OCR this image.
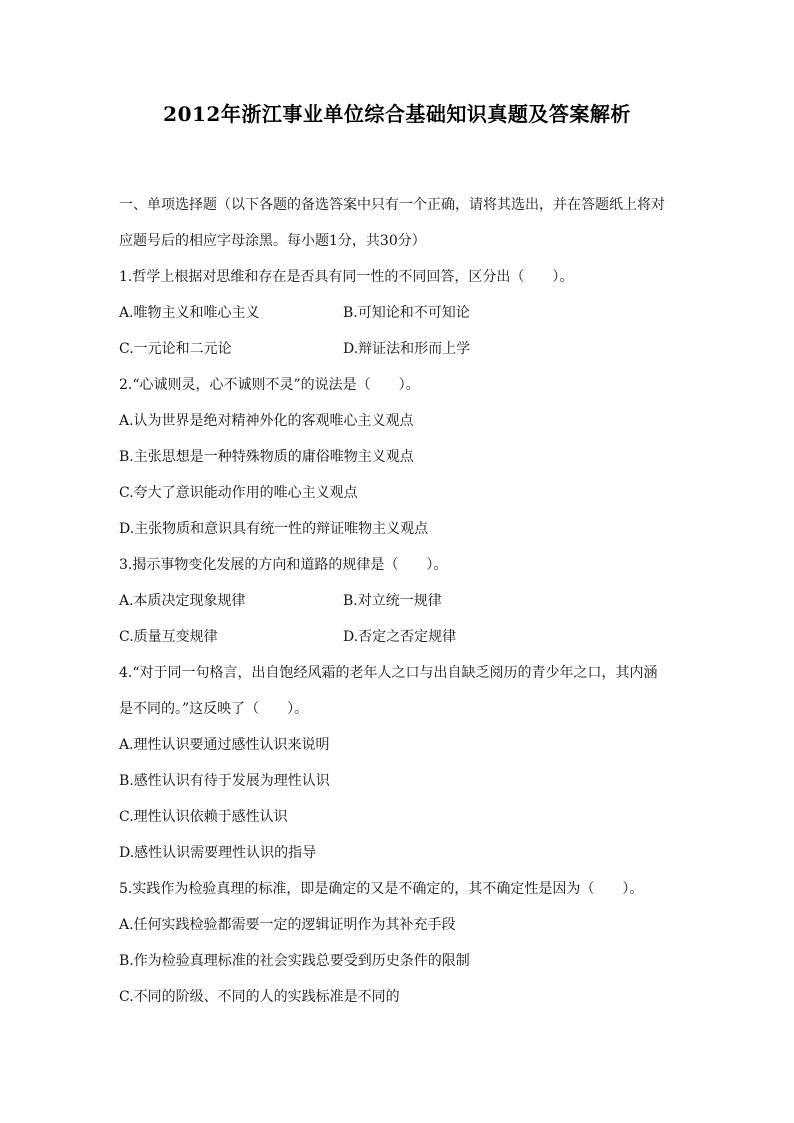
2012年浙江事业单位综合基础知识真题及答案解析
一、单项选择题（以下各题的备选答案中只有一个正确，请将其选出，并在答题纸上将对
应题号后的相应字母涂黑。每小题1分，共30分）
1.哲学上根据对思维和存在是否具有同一性的不同回答，区分出（　　）。
A.唯物主义和唯心主义	B.可知论和不可知论
C.一元论和二元论	D.辩证法和形而上学
2.“心诚则灵，心不诚则不灵”的说法是（　　）。
A.认为世界是绝对精神外化的客观唯心主义观点
B.主张思想是一种特殊物质的庸俗唯物主义观点
C.夸大了意识能动作用的唯心主义观点
D.主张物质和意识具有统一性的辩证唯物主义观点
3.揭示事物变化发展的方向和道路的规律是（　　）。
A.本质决定现象规律	B.对立统一规律
C.质量互变规律	D.否定之否定规律
4.“对于同一句格言，出自饱经风霜的老年人之口与出自缺乏阅历的青少年之口，其内涵
是不同的。”这反映了（　　）。
A.理性认识要通过感性认识来说明
B.感性认识有待于发展为理性认识
C.理性认识依赖于感性认识
D.感性认识需要理性认识的指导
5.实践作为检验真理的标准，即是确定的又是不确定的，其不确定性是因为（　　）。
A.任何实践检验都需要一定的逻辑证明作为其补充手段
B.作为检验真理标准的社会实践总要受到历史条件的限制
C.不同的阶级、不同的人的实践标准是不同的
